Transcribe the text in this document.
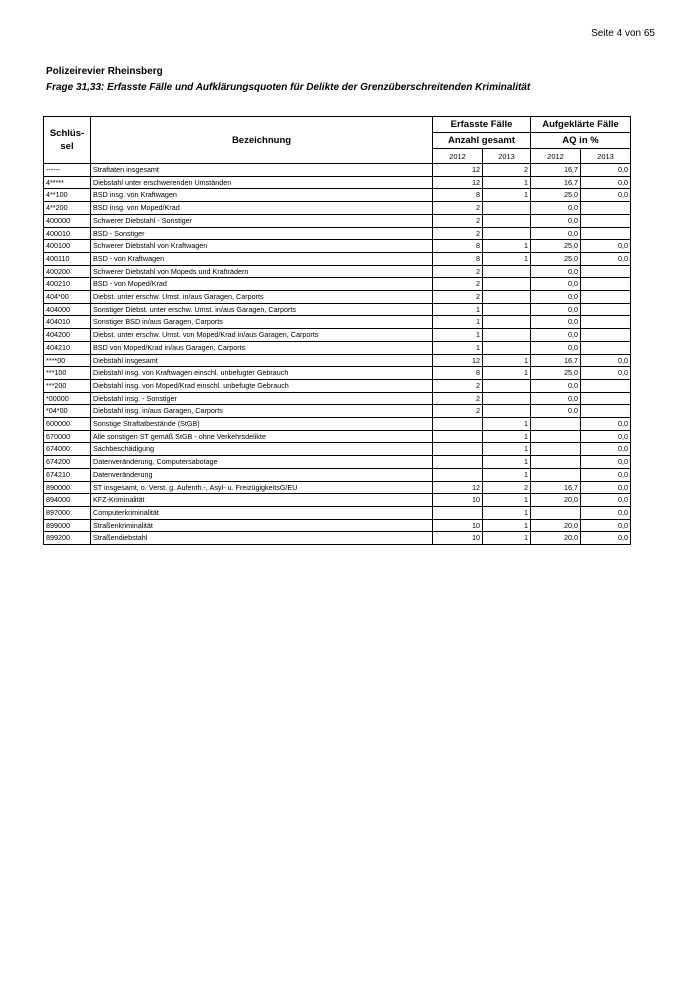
Seite 4 von 65
Polizeirevier Rheinsberg
Frage 31,33: Erfasste Fälle und Aufklärungsquoten für Delikte der Grenzüberschreitenden Kriminalität
Schlüs-
sel	Bezeichnung	Erfasste Fälle		Aufgeklärte Fälle	
		Anzahl gesamt		AQ in %	
		2012	2013	2012	2013
------	Straftaten insgesamt	12	2	16,7	0,0
4*****	Diebstahl unter erschwerenden Umständen	12	1	16,7	0,0
4**100	BSD insg. von Kraftwagen	8	1	25,0	0,0
4**200	BSD insg. von Moped/Krad	2		0,0	
400000	Schwerer Diebstahl - Sonstiger	2		0,0	
400010	BSD - Sonstiger	2		0,0	
400100	Schwerer Diebstahl von Kraftwagen	8	1	25,0	0,0
400110	BSD - von Kraftwagen	8	1	25,0	0,0
400200	Schwerer Diebstahl von Mopeds und Krafträdern	2		0,0	
400210	BSD - von Moped/Krad	2		0,0	
404*00	Diebst. unter erschw. Umst. in/aus Garagen, Carports	2		0,0	
404000	Sonstiger Diebst. unter erschw. Umst. in/aus Garagen, Carports	1		0,0	
404010	Sonstiger BSD in/aus Garagen, Carports	1		0,0	
404200	Diebst. unter erschw. Umst. von Moped/Krad in/aus Garagen, Carports	1		0,0	
404210	BSD von Moped/Krad in/aus Garagen, Carports	1		0,0	
****00	Diebstahl insgesamt	12	1	16,7	0,0
***100	Diebstahl insg. von Kraftwagen einschl. unbefugter Gebrauch	8	1	25,0	0,0
***200	Diebstahl insg. von Moped/Krad einschl. unbefugte Gebrauch	2		0,0	
*00000	Diebstahl insg. - Sonstiger	2		0,0	
*04*00	Diebstahl insg. in/aus Garagen, Carports	2		0,0	
600000	Sonstige Straftatbestände (StGB)		1		0,0
670000	Alle sonstigen ST gemäß StGB - ohne Verkehrsdelikte		1		0,0
674000	Sachbeschädigung		1		0,0
674200	Datenveränderung, Computersabotage		1		0,0
674210	Datenveränderung		1		0,0
890000	ST insgesamt, o. Verst. g. Aufenth.-, Asyl- u. FreizügigkeitsG/EU	12	2	16,7	0,0
894000	KFZ-Kriminalität	10	1	20,0	0,0
897000	Computerkriminalität		1		0,0
899000	Straßenkriminalität	10	1	20,0	0,0
899200	Straßendiebstahl	10	1	20,0	0,0
